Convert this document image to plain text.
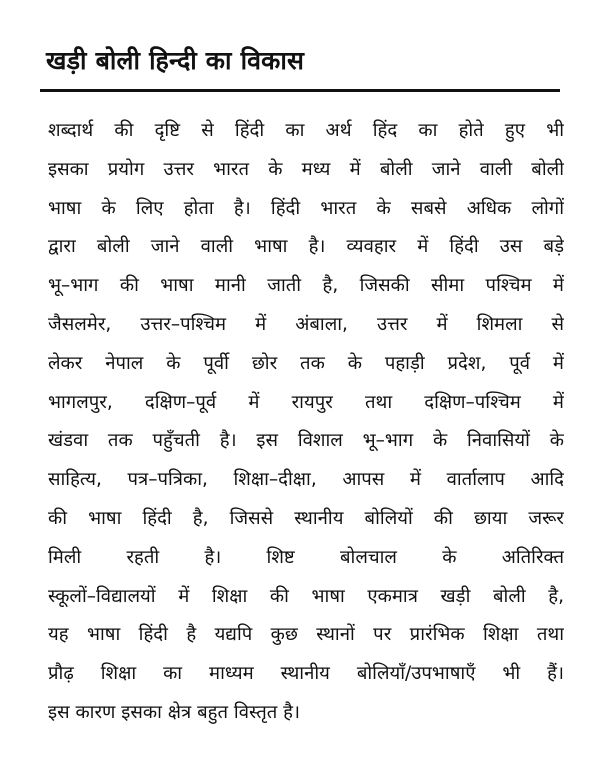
खड़ी बोली हिन्दी का विकास
शब्दार्थ की दृष्टि से हिंदी का अर्थ हिंद का होते हुए भी
इसका प्रयोग उत्तर भारत के मध्य में बोली जाने वाली बोली
भाषा के लिए होता है। हिंदी भारत के सबसे अधिक लोगों
द्वारा बोली जाने वाली भाषा है। व्यवहार में हिंदी उस बड़े
भू–भाग की भाषा मानी जाती है, जिसकी सीमा पश्चिम में
जैसलमेर, उत्तर–पश्चिम में अंबाला, उत्तर में शिमला से
लेकर नेपाल के पूर्वी छोर तक के पहाड़ी प्रदेश, पूर्व में
भागलपुर, दक्षिण–पूर्व में रायपुर तथा दक्षिण–पश्चिम में
खंडवा तक पहुँचती है। इस विशाल भू–भाग के निवासियों के
साहित्य, पत्र–पत्रिका, शिक्षा–दीक्षा, आपस में वार्तालाप आदि
की भाषा हिंदी है, जिससे स्थानीय बोलियों की छाया जरूर
मिली रहती है। शिष्ट बोलचाल के अतिरिक्त
स्कूलों–विद्यालयों में शिक्षा की भाषा एकमात्र खड़ी बोली है,
यह भाषा हिंदी है यद्यपि कुछ स्थानों पर प्रारंभिक शिक्षा तथा
प्रौढ़ शिक्षा का माध्यम स्थानीय बोलियाँ/उपभाषाएँ भी हैं।
इस कारण इसका क्षेत्र बहुत विस्तृत है।
